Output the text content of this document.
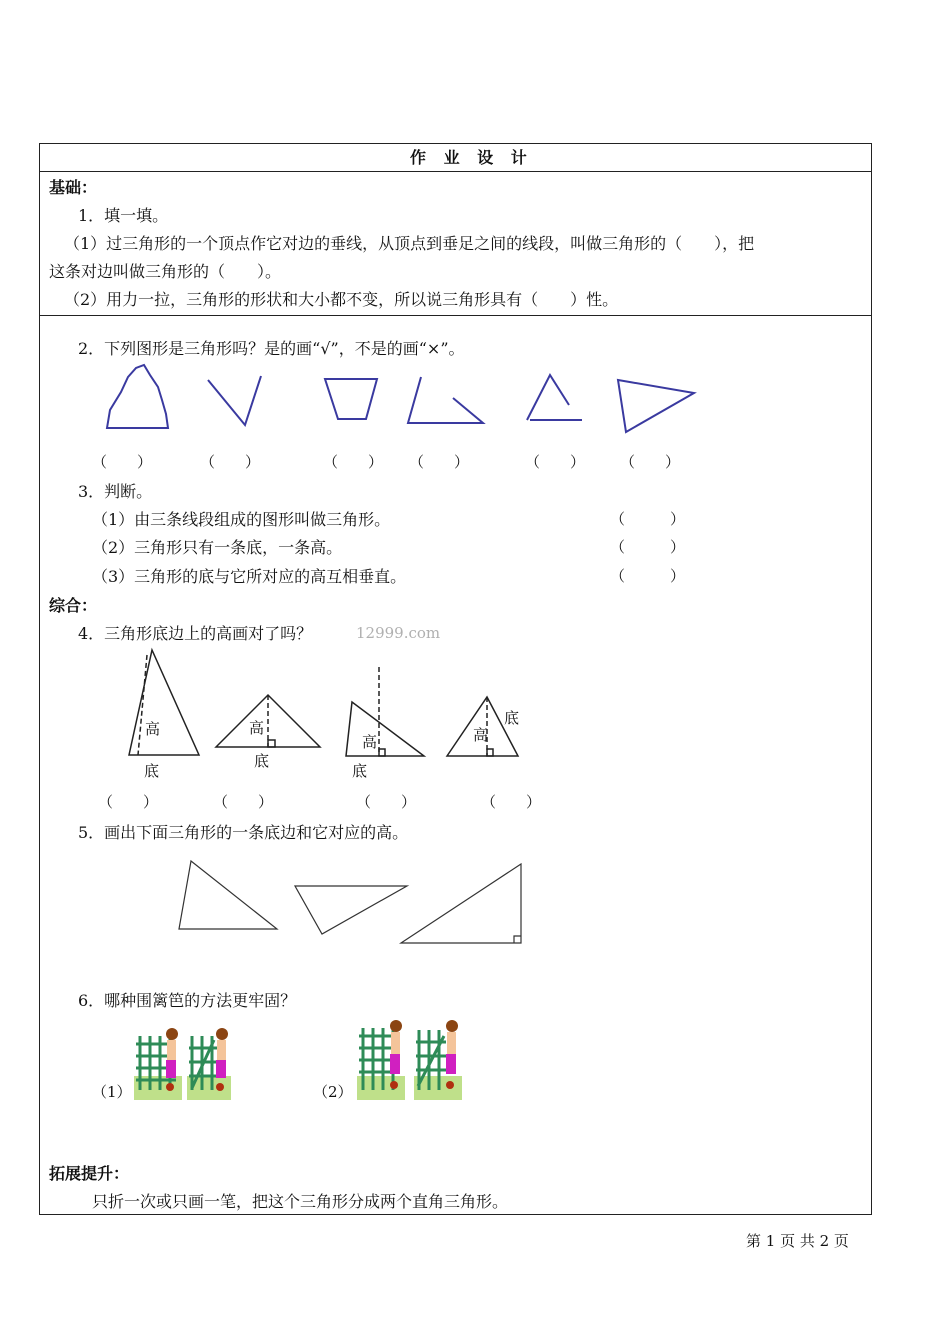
作 业 设 计
基础：
1．填一填。
（1）过三角形的一个顶点作它对边的垂线，从顶点到垂足之间的线段，叫做三角形的（　　），把
这条对边叫做三角形的（　　）。
（2）用力一拉，三角形的形状和大小都不变，所以说三角形具有（　　）性。
2．下列图形是三角形吗？是的画“√”，不是的画“×”。
（　　）	（　　）	（　　） （　　）	（　　） （　　）
3．判断。
（1）由三条线段组成的图形叫做三角形。	（　　　）
（2）三角形只有一条底，一条高。	（　　　）
（3）三角形的底与它所对应的高互相垂直。	（　　　）
综合：
4．三角形底边上的高画对了吗？	12999.com
高
底
高
底
高
底
高
底
（　　）	（　　）	（　　）	（　　）
5．画出下面三角形的一条底边和它对应的高。
6．哪种围篱笆的方法更牢固？
（1）	（2）
拓展提升：
只折一次或只画一笔，把这个三角形分成两个直角三角形。
第 1 页 共 2 页
